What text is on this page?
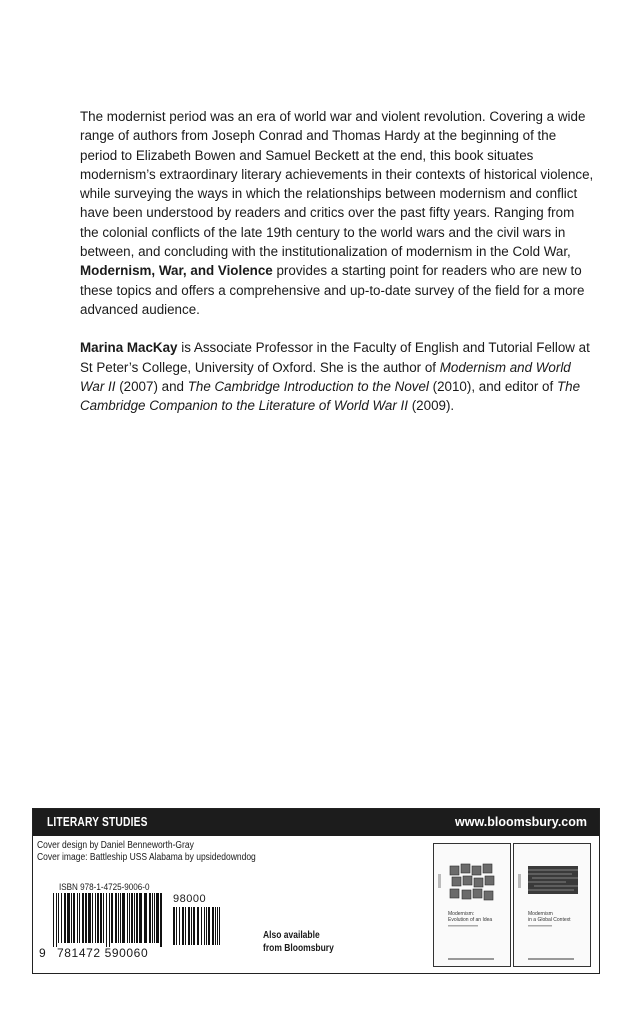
The modernist period was an era of world war and violent revolution. Covering a wide range of authors from Joseph Conrad and Thomas Hardy at the beginning of the period to Elizabeth Bowen and Samuel Beckett at the end, this book situates modernism’s extraordinary literary achievements in their contexts of historical violence, while surveying the ways in which the relationships between modernism and conflict have been understood by readers and critics over the past fifty years. Ranging from the colonial conflicts of the late 19th century to the world wars and the civil wars in between, and concluding with the institutionalization of modernism in the Cold War, Modernism, War, and Violence provides a starting point for readers who are new to these topics and offers a comprehensive and up-to-date survey of the field for a more advanced audience.

Marina MacKay is Associate Professor in the Faculty of English and Tutorial Fellow at St Peter’s College, University of Oxford. She is the author of Modernism and World War II (2007) and The Cambridge Introduction to the Novel (2010), and editor of The Cambridge Companion to the Literature of World War II (2009).

LITERARY STUDIES	www.bloomsbury.com
Cover design by Daniel Benneworth-Gray
Cover image: Battleship USS Alabama by upsidedowndog
ISBN 978-1-4725-9006-0
9 781472 590060
98000
Also available
from Bloomsbury
Modernism:
Evolution of an Idea
Modernism
in a Global Context
